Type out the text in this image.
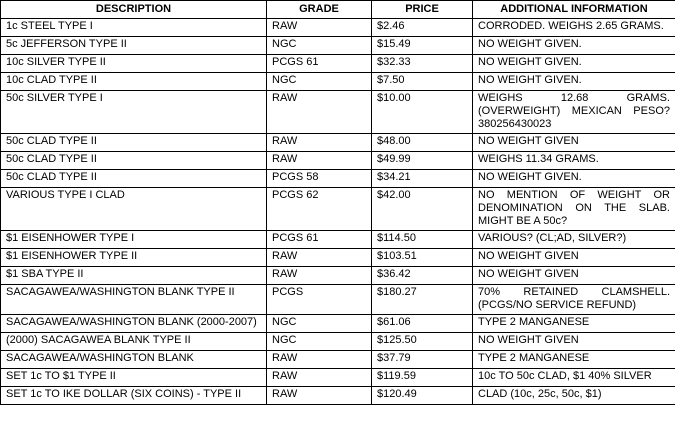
DESCRIPTION	GRADE	PRICE	ADDITIONAL INFORMATION
1c STEEL TYPE I	RAW	$2.46	CORRODED. WEIGHS 2.65 GRAMS.
5c JEFFERSON TYPE II	NGC	$15.49	NO WEIGHT GIVEN.
10c SILVER TYPE II	PCGS 61	$32.33	NO WEIGHT GIVEN.
10c CLAD TYPE II	NGC	$7.50	NO WEIGHT GIVEN.
50c SILVER TYPE I	RAW	$10.00	WEIGHS 12.68 GRAMS. (OVERWEIGHT) MEXICAN PESO? 380256430023
50c CLAD TYPE II	RAW	$48.00	NO WEIGHT GIVEN
50c CLAD TYPE II	RAW	$49.99	WEIGHS 11.34 GRAMS.
50c CLAD TYPE II	PCGS 58	$34.21	NO WEIGHT GIVEN.
VARIOUS TYPE I CLAD	PCGS 62	$42.00	NO MENTION OF WEIGHT OR DENOMINATION ON THE SLAB. MIGHT BE A 50c?
$1 EISENHOWER TYPE I	PCGS 61	$114.50	VARIOUS? (CL;AD, SILVER?)
$1 EISENHOWER TYPE II	RAW	$103.51	NO WEIGHT GIVEN
$1 SBA TYPE II	RAW	$36.42	NO WEIGHT GIVEN
SACAGAWEA/WASHINGTON BLANK TYPE II	PCGS	$180.27	70% RETAINED CLAMSHELL. (PCGS/NO SERVICE REFUND)
SACAGAWEA/WASHINGTON BLANK (2000-2007)	NGC	$61.06	TYPE 2 MANGANESE
(2000) SACAGAWEA BLANK TYPE II	NGC	$125.50	NO WEIGHT GIVEN
SACAGAWEA/WASHINGTON BLANK	RAW	$37.79	TYPE 2 MANGANESE
SET 1c TO $1 TYPE II	RAW	$119.59	10c TO 50c CLAD, $1 40% SILVER
SET 1c TO IKE DOLLAR (SIX COINS) - TYPE II	RAW	$120.49	CLAD (10c, 25c, 50c, $1)
